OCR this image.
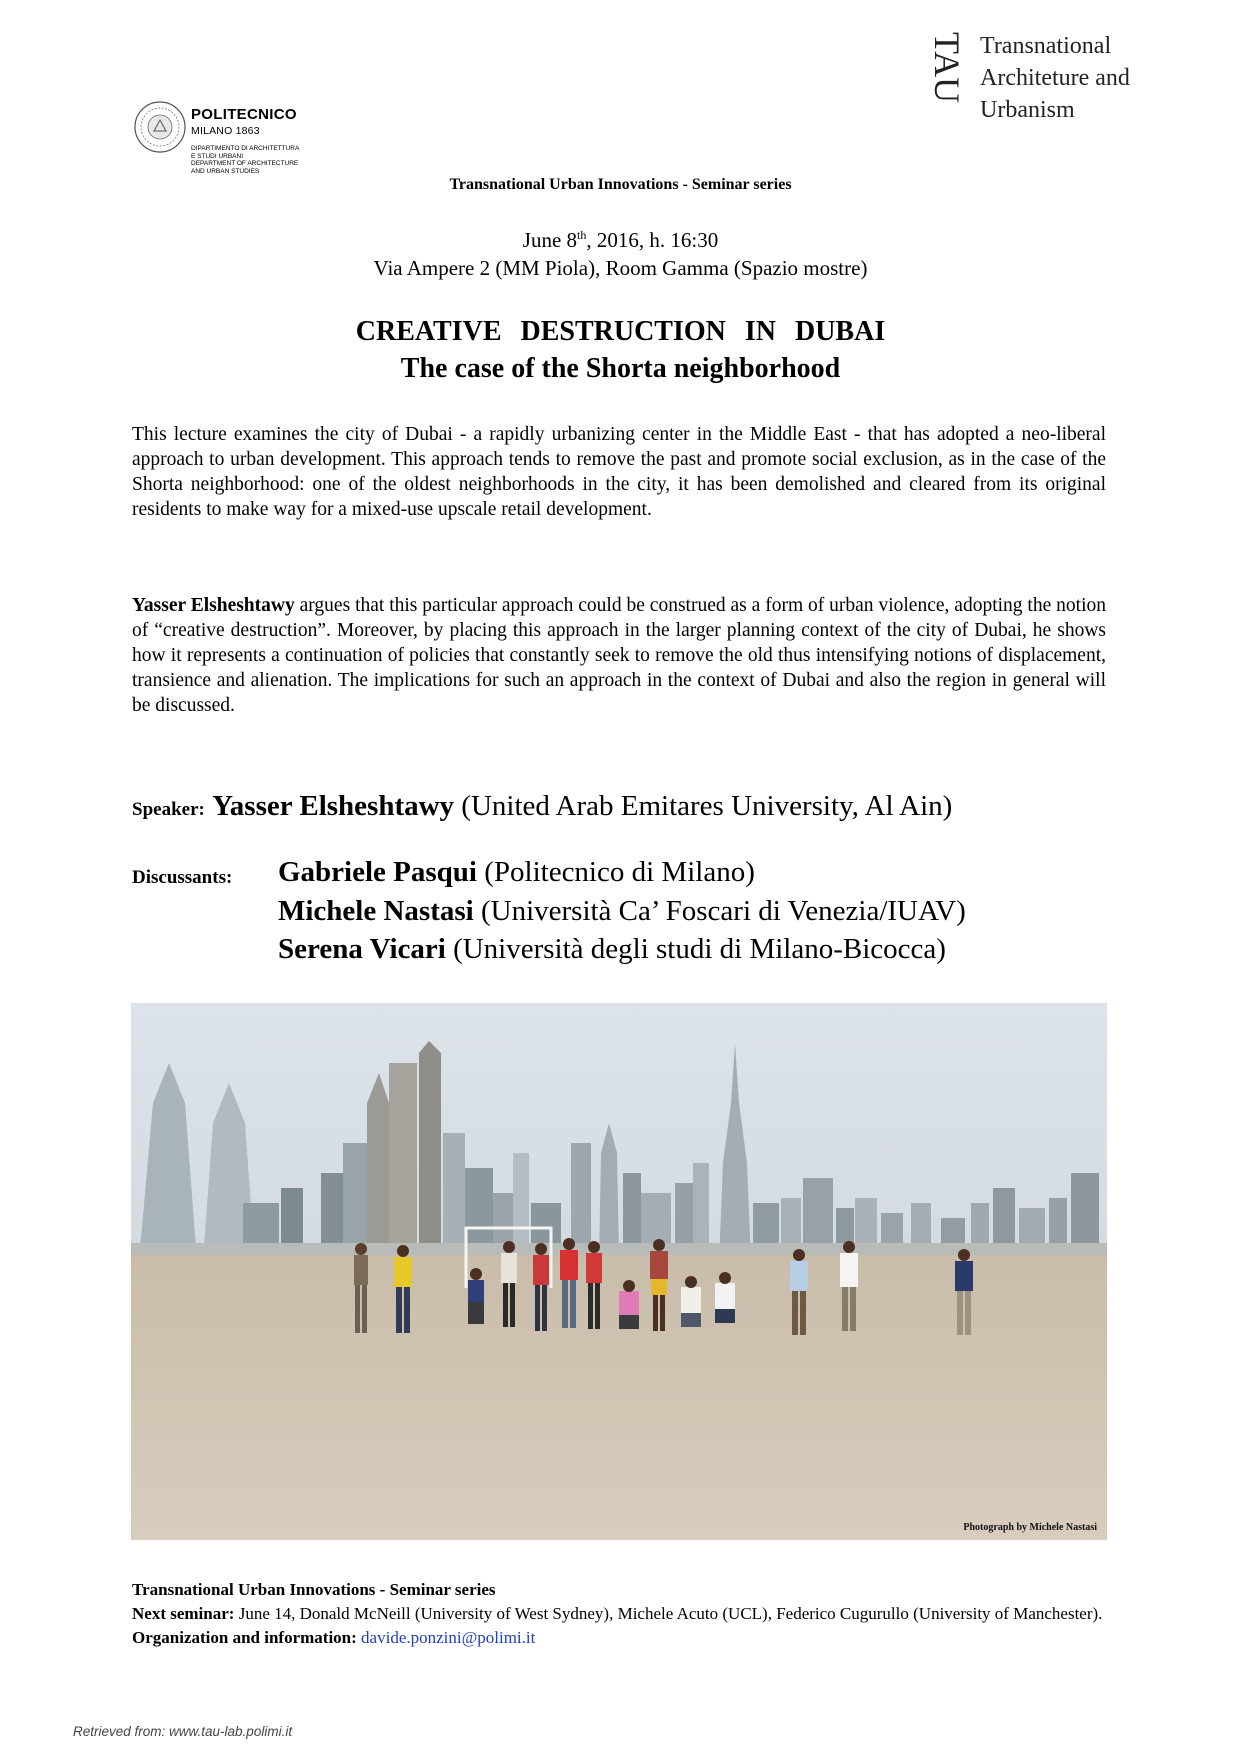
POLITECNICO
MILANO 1863
DIPARTIMENTO DI ARCHITETTURA
E STUDI URBANI
DEPARTMENT OF ARCHITECTURE
AND URBAN STUDIES
TAU Transnational
Architeture and
Urbanism
Transnational Urban Innovations - Seminar series
June 8th, 2016, h. 16:30
Via Ampere 2 (MM Piola), Room Gamma (Spazio mostre)
CREATIVE DESTRUCTION IN DUBAI
The case of the Shorta neighborhood
This lecture examines the city of Dubai - a rapidly urbanizing center in the Middle East - that has adopted a neo-liberal approach to urban development. This approach tends to remove the past and promote social exclusion, as in the case of the Shorta neighborhood: one of the oldest neighborhoods in the city, it has been demolished and cleared from its original residents to make way for a mixed-use upscale retail development.
Yasser Elsheshtawy argues that this particular approach could be construed as a form of urban violence, adopting the notion of “creative destruction”. Moreover, by placing this approach in the larger planning context of the city of Dubai, he shows how it represents a continuation of policies that constantly seek to remove the old thus intensifying notions of displacement, transience and alienation. The implications for such an approach in the context of Dubai and also the region in general will be discussed.
Speaker: Yasser Elsheshtawy (United Arab Emitares University, Al Ain)
Discussants: Gabriele Pasqui (Politecnico di Milano)
Michele Nastasi (Università Ca’ Foscari di Venezia/IUAV)
Serena Vicari (Università degli studi di Milano-Bicocca)
Photograph by Michele Nastasi
Transnational Urban Innovations - Seminar series
Next seminar: June 14, Donald McNeill (University of West Sydney), Michele Acuto (UCL), Federico Cugurullo (University of Manchester). Organization and information: davide.ponzini@polimi.it
Retrieved from: www.tau-lab.polimi.it
